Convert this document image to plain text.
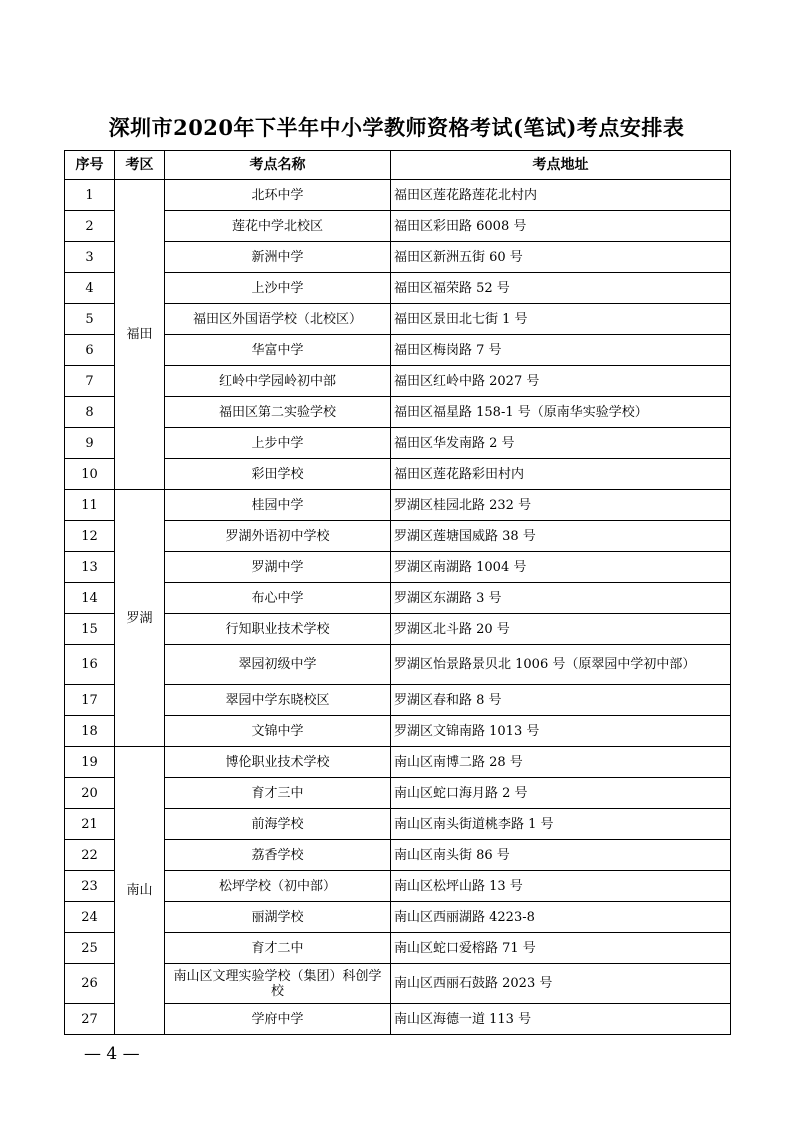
深圳市2020年下半年中小学教师资格考试(笔试)考点安排表
序号	考区	考点名称	考点地址
1	福田	北环中学	福田区莲花路莲花北村内
2		莲花中学北校区	福田区彩田路 6008 号
3		新洲中学	福田区新洲五街 60 号
4		上沙中学	福田区福荣路 52 号
5		福田区外国语学校（北校区）	福田区景田北七街 1 号
6		华富中学	福田区梅岗路 7 号
7		红岭中学园岭初中部	福田区红岭中路 2027 号
8		福田区第二实验学校	福田区福星路 158-1 号（原南华实验学校）
9		上步中学	福田区华发南路 2 号
10		彩田学校	福田区莲花路彩田村内
11	罗湖	桂园中学	罗湖区桂园北路 232 号
12		罗湖外语初中学校	罗湖区莲塘国威路 38 号
13		罗湖中学	罗湖区南湖路 1004 号
14		布心中学	罗湖区东湖路 3 号
15		行知职业技术学校	罗湖区北斗路 20 号
16		翠园初级中学	罗湖区怡景路景贝北 1006 号（原翠园中学初中部）
17		翠园中学东晓校区	罗湖区春和路 8 号
18		文锦中学	罗湖区文锦南路 1013 号
19	南山	博伦职业技术学校	南山区南博二路 28 号
20		育才三中	南山区蛇口海月路 2 号
21		前海学校	南山区南头街道桃李路 1 号
22		荔香学校	南山区南头街 86 号
23		松坪学校（初中部）	南山区松坪山路 13 号
24		丽湖学校	南山区西丽湖路 4223-8
25		育才二中	南山区蛇口爱榕路 71 号
26		南山区文理实验学校（集团）科创学校	南山区西丽石鼓路 2023 号
27		学府中学	南山区海德一道 113 号
— 4 —
